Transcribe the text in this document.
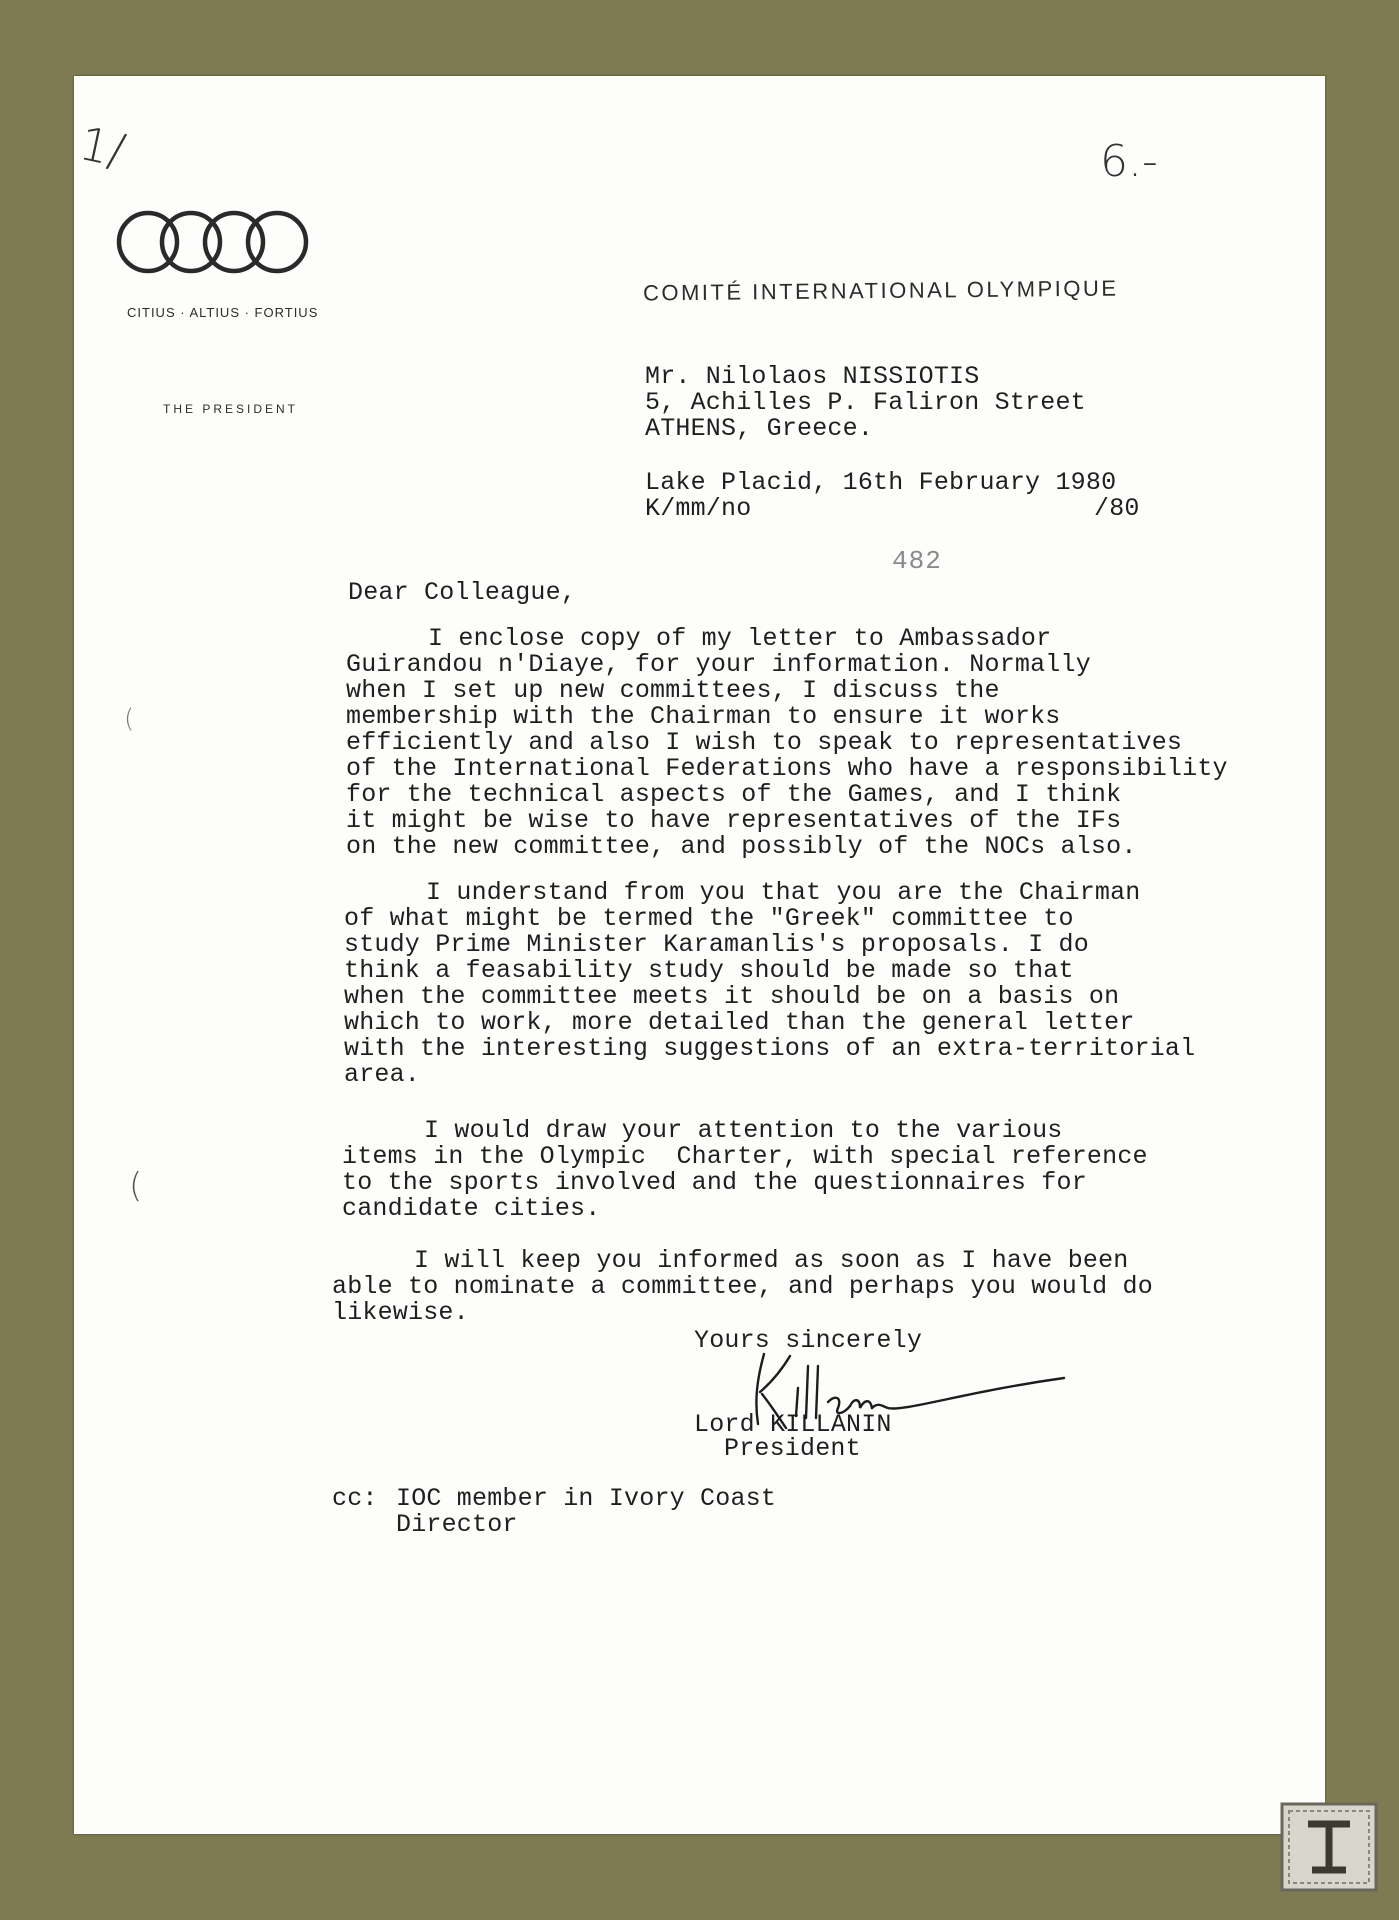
1/	6.-
CITIUS · ALTIUS · FORTIUS
THE PRESIDENT
COMITÉ INTERNATIONAL OLYMPIQUE
Mr. Nilolaos NISSIOTIS
5, Achilles P. Faliron Street
ATHENS, Greece.
Lake Placid, 16th February 1980
K/mm/no	/80
482
Dear Colleague,
I enclose copy of my letter to Ambassador
Guirandou n'Diaye, for your information. Normally
when I set up new committees, I discuss the
membership with the Chairman to ensure it works
efficiently and also I wish to speak to representatives
of the International Federations who have a responsibility
for the technical aspects of the Games, and I think
it might be wise to have representatives of the IFs
on the new committee, and possibly of the NOCs also.
I understand from you that you are the Chairman
of what might be termed the "Greek" committee to
study Prime Minister Karamanlis's proposals. I do
think a feasability study should be made so that
when the committee meets it should be on a basis on
which to work, more detailed than the general letter
with the interesting suggestions of an extra-territorial
area.
I would draw your attention to the various
items in the Olympic  Charter, with special reference
to the sports involved and the questionnaires for
candidate cities.
I will keep you informed as soon as I have been
able to nominate a committee, and perhaps you would do
likewise.
Yours sincerely
Lord KILLANIN
President
cc: IOC member in Ivory Coast
Director
(
(
